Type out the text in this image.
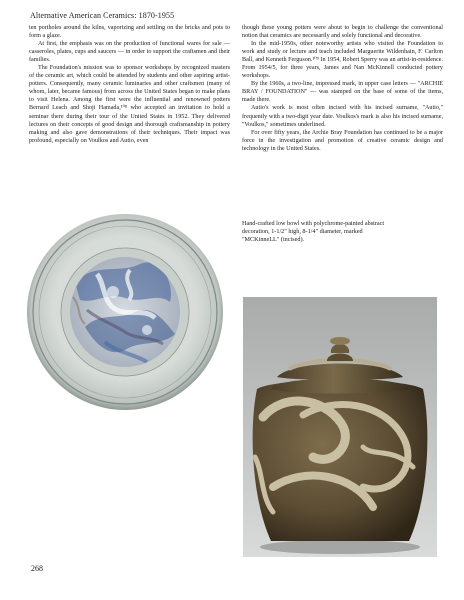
Alternative American Ceramics: 1870-1955

ten portholes around the kilns, vaporizing and settling on the bricks and pots to form a glaze.

At first, the emphasis was on the production of functional wares for sale — casseroles, plates, cups and saucers — in order to support the craftsmen and their families.

The Foundation's mission was to sponsor workshops by recognized masters of the ceramic art, which could be attended by students and other aspiring artist-potters. Consequently, many ceramic luminaries and other craftsmen (many of whom, later, became famous) from across the United States began to make plans to visit Helena. Among the first were the influential and renowned potters Bernard Leach and Shoji Hamada,¹⁰⁸ who accepted an invitation to hold a seminar there during their tour of the United States in 1952. They delivered lectures on their concepts of good design and thorough craftsmanship in pottery making and also gave demonstrations of their techniques. Their impact was profound, especially on Voulkos and Autio, even

though these young potters were about to begin to challenge the conventional notion that ceramics are necessarily and solely functional and decorative.

In the mid-1950s, other noteworthy artists who visited the Foundation to work and study or lecture and teach included Marguerite Wildenhain, F. Carlton Ball, and Kenneth Ferguson.¹⁰⁹ In 1954, Robert Sperry was an artist-in-residence. From 1954/5, for three years, James and Nan McKinnell conducted pottery workshops.

By the 1960s, a two-line, impressed mark, in upper case letters — "ARCHIE BRAY / FOUNDATION" — was stamped on the base of some of the items, made there.

Autio's work is most often incised with his incised surname, "Autio," frequently with a two-digit year date. Voulkos's mark is also his incised surname, "Voulkos," sometimes underlined.

For over fifty years, the Archie Bray Foundation has continued to be a major force in the investigation and promotion of creative ceramic design and technology in the United States.

Hand-crafted low bowl with polychrome-painted abstract decoration, 1-1/2" high, 8-1/4" diameter, marked "MCKinneLL" (incised).
268
